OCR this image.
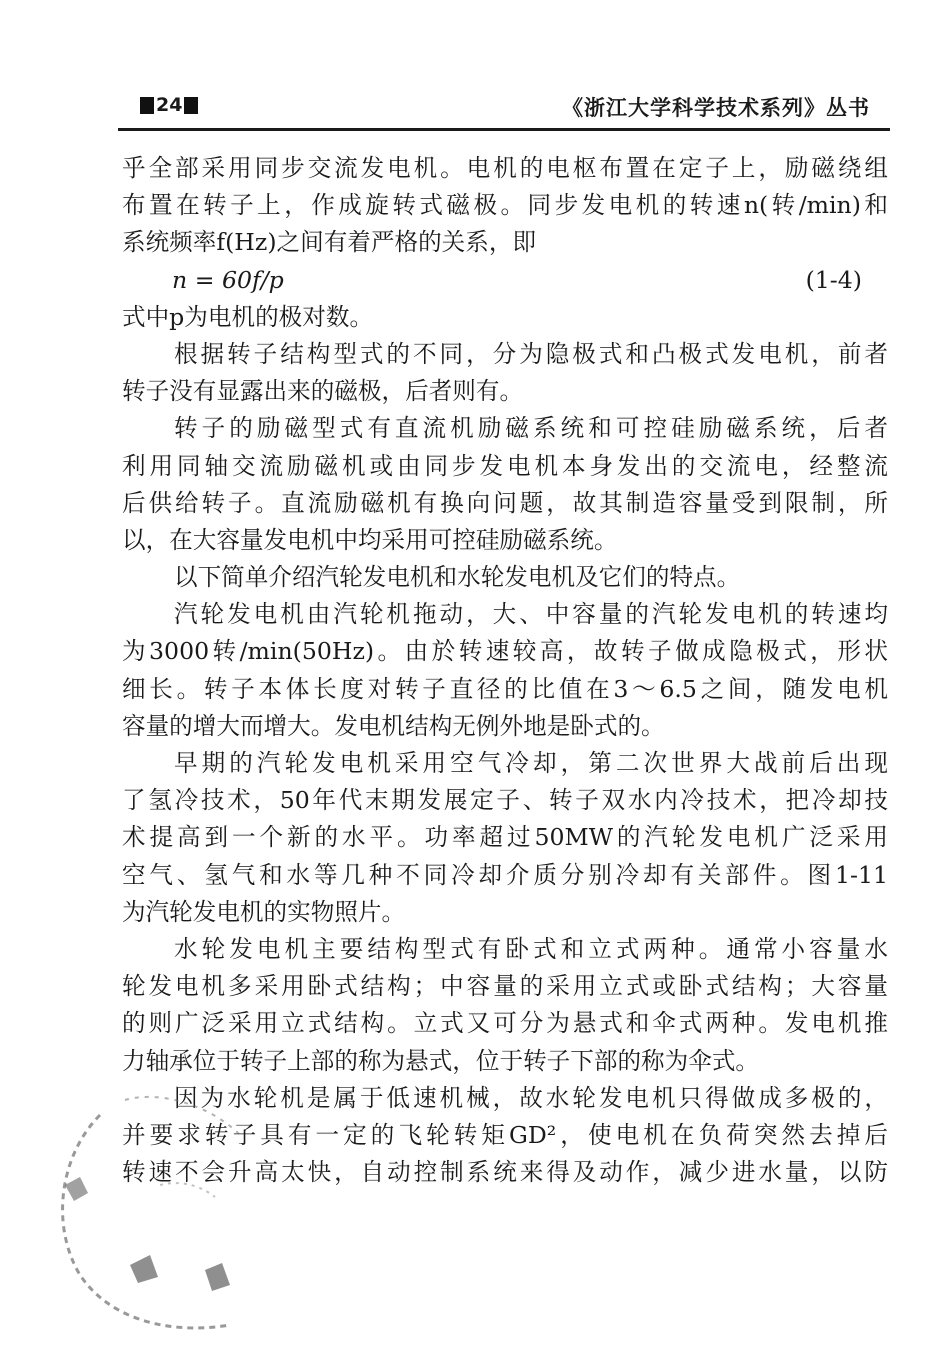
24	《浙江大学科学技术系列》丛书
乎全部采用同步交流发电机。电机的电枢布置在定子上，励磁绕组
布置在转子上，作成旋转式磁极。同步发电机的转速n(转/min)和
系统频率f(Hz)之间有着严格的关系，即
n = 60f/p	(1-4)
式中p为电机的极对数。
根据转子结构型式的不同，分为隐极式和凸极式发电机，前者
转子没有显露出来的磁极，后者则有。
转子的励磁型式有直流机励磁系统和可控硅励磁系统，后者
利用同轴交流励磁机或由同步发电机本身发出的交流电，经整流
后供给转子。直流励磁机有换向问题，故其制造容量受到限制，所
以，在大容量发电机中均采用可控硅励磁系统。
以下简单介绍汽轮发电机和水轮发电机及它们的特点。
汽轮发电机由汽轮机拖动，大、中容量的汽轮发电机的转速均
为3000转/min(50Hz)。由於转速较高，故转子做成隐极式，形状
细长。转子本体长度对转子直径的比值在3～6.5之间，随发电机
容量的增大而增大。发电机结构无例外地是卧式的。
早期的汽轮发电机采用空气冷却，第二次世界大战前后出现
了氢冷技术，50年代末期发展定子、转子双水内冷技术，把冷却技
术提高到一个新的水平。功率超过50MW的汽轮发电机广泛采用
空气、氢气和水等几种不同冷却介质分别冷却有关部件。图1-11
为汽轮发电机的实物照片。
水轮发电机主要结构型式有卧式和立式两种。通常小容量水
轮发电机多采用卧式结构；中容量的采用立式或卧式结构；大容量
的则广泛采用立式结构。立式又可分为悬式和伞式两种。发电机推
力轴承位于转子上部的称为悬式，位于转子下部的称为伞式。
因为水轮机是属于低速机械，故水轮发电机只得做成多极的，
并要求转子具有一定的飞轮转矩GD²，使电机在负荷突然去掉后
转速不会升高太快，自动控制系统来得及动作，减少进水量，以防
